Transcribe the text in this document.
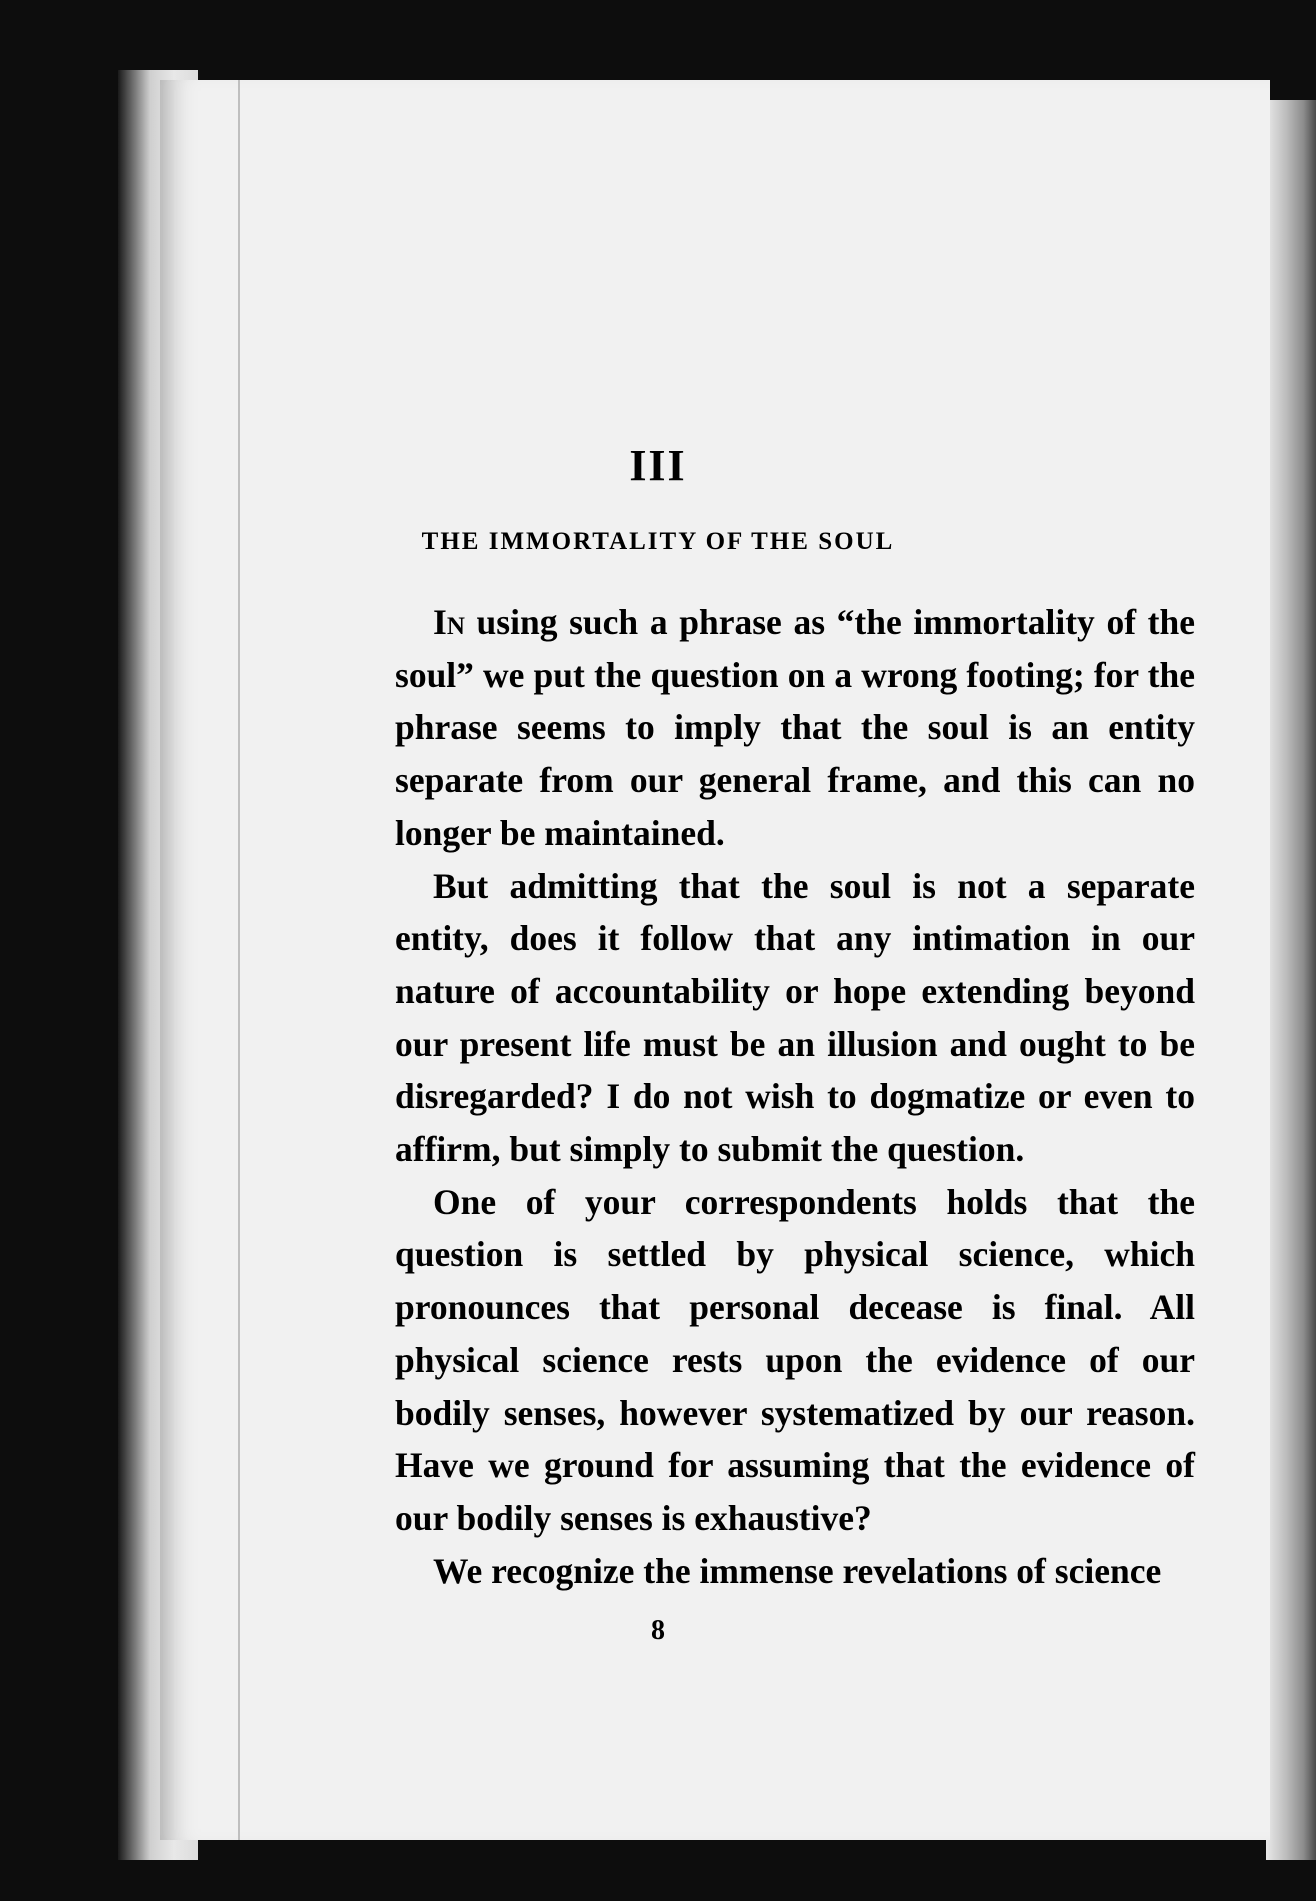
III
THE IMMORTALITY OF THE SOUL

In using such a phrase as “the immortality of the soul” we put the question on a wrong footing; for the phrase seems to imply that the soul is an entity separate from our general frame, and this can no longer be maintained.

But admitting that the soul is not a separate entity, does it follow that any intimation in our nature of accountability or hope extending beyond our present life must be an illusion and ought to be disregarded? I do not wish to dogmatize or even to affirm, but simply to submit the question.

One of your correspondents holds that the question is settled by physical science, which pronounces that personal decease is final. All physical science rests upon the evidence of our bodily senses, however systematized by our reason. Have we ground for assuming that the evidence of our bodily senses is exhaustive?

We recognize the immense revelations of science

8
